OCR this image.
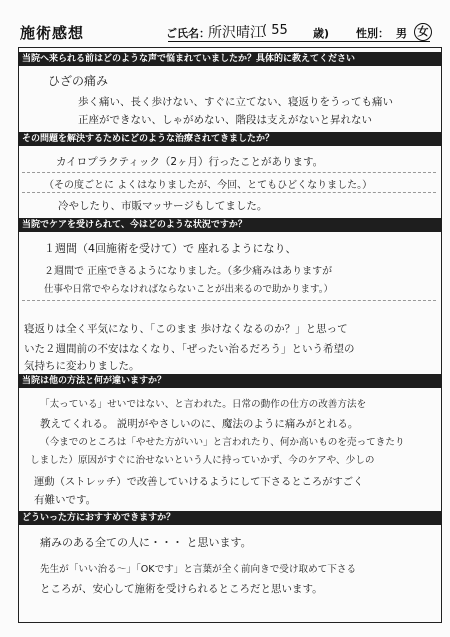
施術感想	ご氏名：
所沢晴江
( 55 歳) 性別： 男 女
当院へ来られる前はどのような声で悩まれていましたか？具体的に教えてください
ひざの痛み
歩く痛い、長く歩けない、すぐに立てない、寝返りをうっても痛い
正座ができない、しゃがめない、階段は支えがないと昇れない
その問題を解決するためにどのような治療されてきましたか？
カイロプラクティック（2ヶ月）行ったことがあります。
（その度ごとに よくはなりましたが、今回、とてもひどくなりました。）
冷やしたり、市販マッサージもしてました。
当院でケアを受けられて、今はどのような状況ですか？
１週間（4回施術を受けて）で 座れるようになり、
２週間で 正座できるようになりました。（多少痛みはありますが
仕事や日常でやらなければならないことが出来るので助かります。）
寝返りは全く平気になり、「このまま 歩けなくなるのか？」と思って
いた２週間前の不安はなくなり、「ぜったい治るだろう」という希望の
気持ちに変わりました。
当院は他の方法と何が違いますか？
「太っている」せいではない、と言われた。日常の動作の仕方の改善方法を
教えてくれる。 説明がやさしいのに、魔法のように痛みがとれる。
（今までのところは「やせた方がいい」と言われたり、何か高いものを売ってきたり
しました）原因がすぐに治せないという人に持っていかず、今のケアや、少しの
運動（ストレッチ）で改善していけるようにして下さるところがすごく
有難いです。
どういった方におすすめできますか？
痛みのある全ての人に・・・ と思います。
先生が「いい治る〜」「OKです」と言葉が全く前向きで受け取めて下さる
ところが、安心して施術を受けられるところだと思います。
